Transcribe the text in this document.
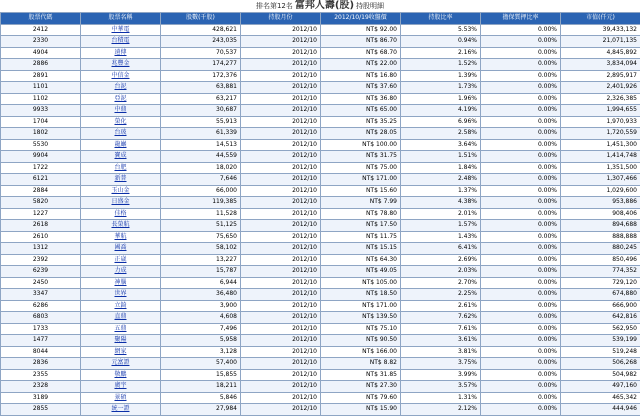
排名第12名 富邦人壽(股) 持股明細
股票代碼	股票名稱	股數(千股)	持股月份	2012/10/19收盤價	持股比率	擔保質押比率	市值(仟元)
2412	中華電	428,621	2012/10	NT$ 92.00	5.53%	0.00%	39,433,132
2330	台積電	243,035	2012/10	NT$ 86.70	0.94%	0.00%	21,071,135
4904	遠傳	70,537	2012/10	NT$ 68.70	2.16%	0.00%	4,845,892
2886	兆豐金	174,277	2012/10	NT$ 22.00	1.52%	0.00%	3,834,094
2891	中信金	172,376	2012/10	NT$ 16.80	1.39%	0.00%	2,895,917
1101	台泥	63,881	2012/10	NT$ 37.60	1.73%	0.00%	2,401,926
1102	亞泥	63,217	2012/10	NT$ 36.80	1.96%	0.00%	2,326,385
9933	中鼎	30,687	2012/10	NT$ 65.00	4.19%	0.00%	1,994,655
1704	榮化	55,913	2012/10	NT$ 35.25	6.96%	0.00%	1,970,933
1802	台玻	61,339	2012/10	NT$ 28.05	2.58%	0.00%	1,720,559
5530	龍巖	14,513	2012/10	NT$ 100.00	3.64%	0.00%	1,451,300
9904	寶成	44,559	2012/10	NT$ 31.75	1.51%	0.00%	1,414,748
1722	台肥	18,020	2012/10	NT$ 75.00	1.84%	0.00%	1,351,500
6121	新普	7,646	2012/10	NT$ 171.00	2.48%	0.00%	1,307,466
2884	玉山金	66,000	2012/10	NT$ 15.60	1.37%	0.00%	1,029,600
5820	日盛金	119,385	2012/10	NT$ 7.99	4.38%	0.00%	953,886
1227	佳格	11,528	2012/10	NT$ 78.80	2.01%	0.00%	908,406
2618	長榮航	51,125	2012/10	NT$ 17.50	1.57%	0.00%	894,688
2610	華航	75,650	2012/10	NT$ 11.75	1.43%	0.00%	888,888
1312	國喬	58,102	2012/10	NT$ 15.15	6.41%	0.00%	880,245
2392	正崴	13,227	2012/10	NT$ 64.30	2.69%	0.00%	850,496
6239	力成	15,787	2012/10	NT$ 49.05	2.03%	0.00%	774,352
2450	神腦	6,944	2012/10	NT$ 105.00	2.70%	0.00%	729,120
3347	世界	36,480	2012/10	NT$ 18.50	2.25%	0.00%	674,880
6286	立錡	3,900	2012/10	NT$ 171.00	2.61%	0.00%	666,900
6803	直鼎	4,608	2012/10	NT$ 139.50	7.62%	0.00%	642,816
1733	五鼎	7,496	2012/10	NT$ 75.10	7.61%	0.00%	562,950
1477	聚陽	5,958	2012/10	NT$ 90.50	3.61%	0.00%	539,199
8044	網家	3,128	2012/10	NT$ 166.00	3.81%	0.00%	519,248
2836	元富證	57,400	2012/10	NT$ 8.82	3.75%	0.00%	506,268
2355	敬鵬	15,855	2012/10	NT$ 31.85	3.99%	0.00%	504,982
2328	廣宇	18,211	2012/10	NT$ 27.30	3.57%	0.00%	497,160
3189	景碩	5,846	2012/10	NT$ 79.60	1.31%	0.00%	465,342
2855	統一證	27,984	2012/10	NT$ 15.90	2.12%	0.00%	444,946
